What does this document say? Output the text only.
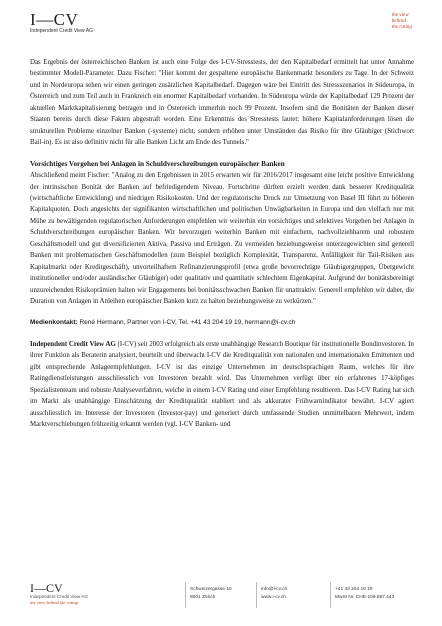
I—CV
Independent Credit View AG
the view
behind
the rating

Das Ergebnis der österreichischen Banken ist auch eine Folge des I-CV-Stresstests, der den Kapitalbedarf ermittelt hat unter Annahme bestimmter Modell-Parameter. Dazu Fischer: "Hier kommt der gespaltene europäische Bankenmarkt besonders zu Tage. In der Schweiz und in Nordeuropa sehen wir einen geringen zusätzlichen Kapitalbedarf. Dagegen wäre bei Eintritt des Stressszenarios in Südeuropa, in Österreich und zum Teil auch in Frankreich ein enormer Kapitalbedarf vorhanden. In Südeuropa würde der Kapitalbedarf 129 Prozent der aktuellen Marktkapitalisierung betragen und in Österreich immerhin noch 99 Prozent. Insofern sind die Bonitäten der Banken dieser Staaten bereits durch diese Fakten abgestraft worden. Eine Erkenntnis des Stresstests lautet: höhere Kapitalanforderungen lösen die strukturellen Probleme einzelner Banken (-systeme) nicht, sondern erhöhen unter Umständen das Risiko für ihre Gläubiger (Stichwort Bail-in). Es ist also definitiv nicht für alle Banken Licht am Ende des Tunnels."

Vorsichtiges Vorgehen bei Anlagen in Schuldverschreibungen europäischer Banken

Abschließend meint Fischer: "Analog zu den Ergebnissen in 2015 erwarten wir für 2016/2017 insgesamt eine leicht positive Entwicklung der intrinsischen Bonität der Banken auf befriedigendem Niveau. Fortschritte dürften erzielt werden dank besserer Kreditqualität (wirtschaftliche Entwicklung) und niedrigen Risikokosten. Und der regulatorische Druck zur Umsetzung von Basel III führt zu höheren Kapitalquoten. Doch angesichts der signifikanten wirtschaftlichen und politischen Unwägbarkeiten in Europa und den vielfach nur mit Mühe zu bewältigenden regulatorischen Anforderungen empfehlen wir weiterhin ein vorsichtiges und selektives Vorgehen bei Anlagen in Schuldverschreibungen europäischer Banken. Wir bevorzugen weiterhin Banken mit einfachem, nachvollziehbarem und robustem Geschäftsmodell und gut diversifizierten Aktiva, Passiva und Erträgen. Zu vermeiden beziehungsweise unterzugewichten sind generell Banken mit problematischen Geschäftsmodellen (zum Beispiel bezüglich Komplexität, Transparenz, Anfälligkeit für Tail-Risiken aus Kapitalmarkt oder Kreditgeschäft), unvorteilhaftem Refinanzierungsprofil (etwa große bevorrechtigte Gläubigergruppen, Übergewicht institutioneller und/oder ausländischer Gläubiger) oder qualitativ und quantitativ schlechtem Eigenkapital. Aufgrund der bonitätsbereinigt unzureichenden Risikoprämien halten wir Engagements bei bonitätsschwachen Banken für unattraktiv. Generell empfehlen wir daher, die Duration von Anlagen in Anleihen europäischer Banken kurz zu halten beziehungsweise zu verkürzen."

Medienkontakt: René Hermann, Partner von I-CV, Tel. +41 43 204 19 19, hermann@i-cv.ch

Independent Credit View AG (I-CV) seit 2003 erfolgreich als erste unabhängige Research Boutique für institutionelle Bondinvestoren. In ihrer Funktion als Beraterin analysiert, beurteilt und überwacht I-CV die Kreditqualität von nationalen und internationalen Emittenten und gibt entsprechende Anlageempfehlungen. I-CV ist das einzige Unternehmen im deutschsprachigen Raum, welches für ihre Ratingdienstleistungen ausschliesslich von Investoren bezahlt wird. Das Unternehmen verfügt über ein erfahrenes 17-köpfiges Spezialistenteam und robuste Analyseverfahren, welche in einem I-CV Rating und einer Empfehlung resultieren. Das I-CV Rating hat sich im Markt als unabhängige Einschätzung der Kreditqualität etabliert und als akkurater Frühwarnindikator bewährt. I-CV agiert ausschliesslich im Interesse der Investoren (Investor-pay) und generiert durch umfassende Studien unmittelbaren Mehrwert, indem Marktverschiebungen frühzeitig erkannt werden (vgl. I-CV Banken- und

I—CV
Independent Credit View AG
the view behind the rating
Schweizergasse 10
8001 Zürich
info@i-cv.ch
www.i-cv.ch
+41 43 204 19 19
MwSt Nr. CHE-109.887.443
